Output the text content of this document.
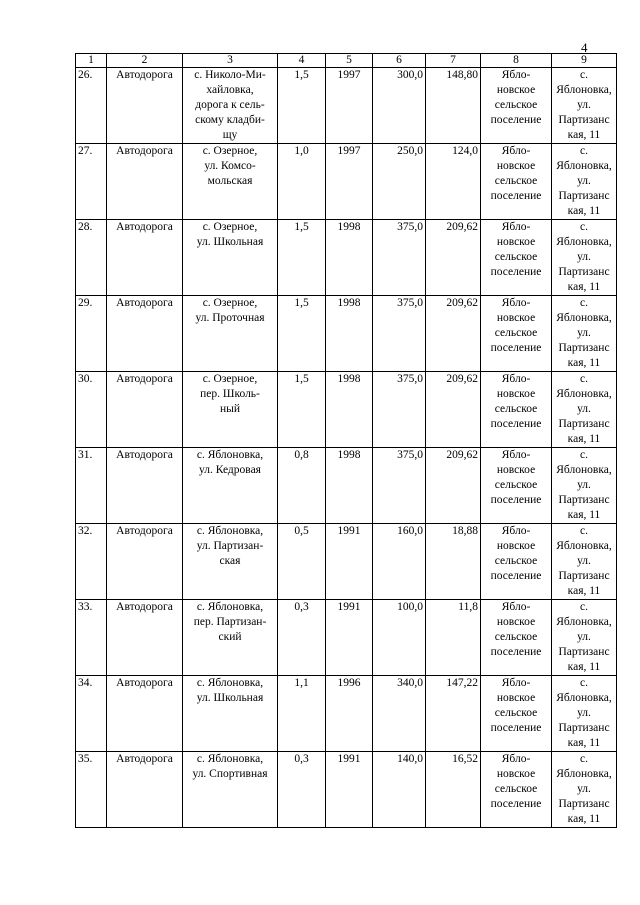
4
1	2	3	4	5	6	7	8	9
26.	Автодорога	с. Николо-Ми-
хайловка,
дорога к сель-
скому кладби-
щу	1,5	1997	300,0	148,80	Ябло-
новское
сельское
поселение	с.
Яблоновка,
ул.
Партизанс
кая, 11
27.	Автодорога	с. Озерное,
ул. Комсо-
мольская	1,0	1997	250,0	124,0	Ябло-
новское
сельское
поселение	с.
Яблоновка,
ул.
Партизанс
кая, 11
28.	Автодорога	с. Озерное,
ул. Школьная	1,5	1998	375,0	209,62	Ябло-
новское
сельское
поселение	с.
Яблоновка,
ул.
Партизанс
кая, 11
29.	Автодорога	с. Озерное,
ул. Проточная	1,5	1998	375,0	209,62	Ябло-
новское
сельское
поселение	с.
Яблоновка,
ул.
Партизанс
кая, 11
30.	Автодорога	с. Озерное,
пер. Школь-
ный	1,5	1998	375,0	209,62	Ябло-
новское
сельское
поселение	с.
Яблоновка,
ул.
Партизанс
кая, 11
31.	Автодорога	с. Яблоновка,
ул. Кедровая	0,8	1998	375,0	209,62	Ябло-
новское
сельское
поселение	с.
Яблоновка,
ул.
Партизанс
кая, 11
32.	Автодорога	с. Яблоновка,
ул. Партизан-
ская	0,5	1991	160,0	18,88	Ябло-
новское
сельское
поселение	с.
Яблоновка,
ул.
Партизанс
кая, 11
33.	Автодорога	с. Яблоновка,
пер. Партизан-
ский	0,3	1991	100,0	11,8	Ябло-
новское
сельское
поселение	с.
Яблоновка,
ул.
Партизанс
кая, 11
34.	Автодорога	с. Яблоновка,
ул. Школьная	1,1	1996	340,0	147,22	Ябло-
новское
сельское
поселение	с.
Яблоновка,
ул.
Партизанс
кая, 11
35.	Автодорога	с. Яблоновка,
ул. Спортивная	0,3	1991	140,0	16,52	Ябло-
новское
сельское
поселение	с.
Яблоновка,
ул.
Партизанс
кая, 11
